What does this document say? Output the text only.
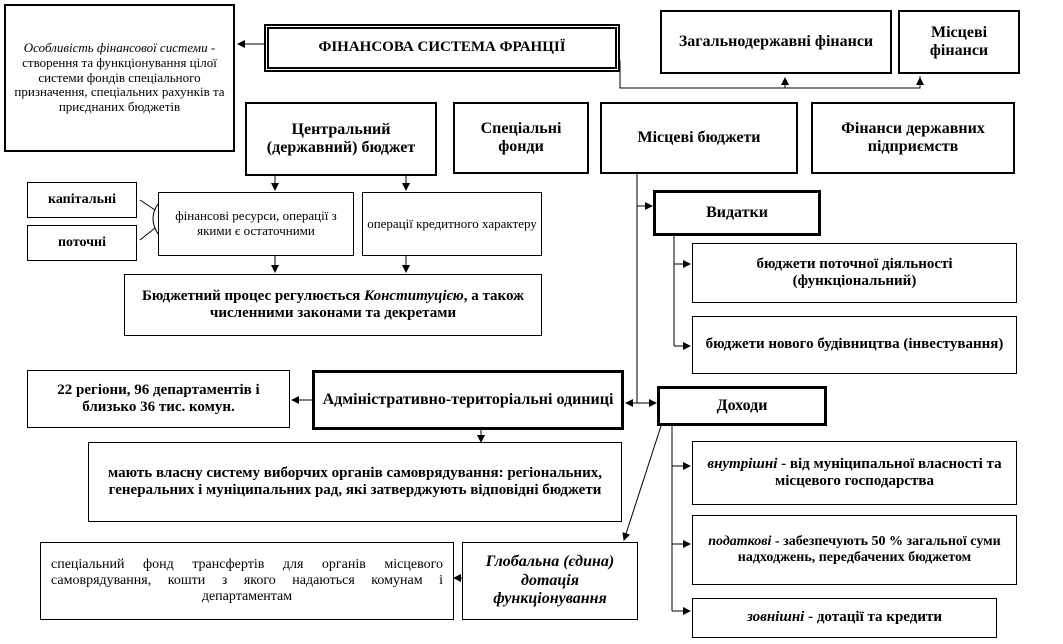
Особливість фінансової системи - створення та функціонування цілої системи фондів спеціального призначення, спеціальних рахунків та приєднаних бюджетів
ФІНАНСОВА СИСТЕМА ФРАНЦІЇ	Загальнодержавні фінанси
Місцеві фінанси
Центральний (державний) бюджет
Спеціальні фонди
Місцеві бюджети
Фінанси державних підприємств
капітальні
поточні
фінансові ресурси, операції з якими є остаточними	операції кредитного характеру
Бюджетний процес регулюється Конституцією, а також численними законами та декретами
Видатки
бюджети поточної діяльності (функціональний)
бюджети нового будівництва (інвестування)
22 регіони, 96 департаментів і близько 36 тис. комун.	Адміністративно-територіальні одиниці	Доходи
мають власну систему виборчих органів самоврядування: регіональних, генеральних і муніципальних рад, які затверджують відповідні бюджети
внутрішні - від муніципальної власності та місцевого господарства
податкові - забезпечують 50 % загальної суми надходжень, передбачених бюджетом
зовнішні - дотації та кредити
Глобальна (єдина) дотація функціонування
спеціальний фонд трансфертів для органів місцевого самоврядування, кошти з якого надаються комунам і департаментам
